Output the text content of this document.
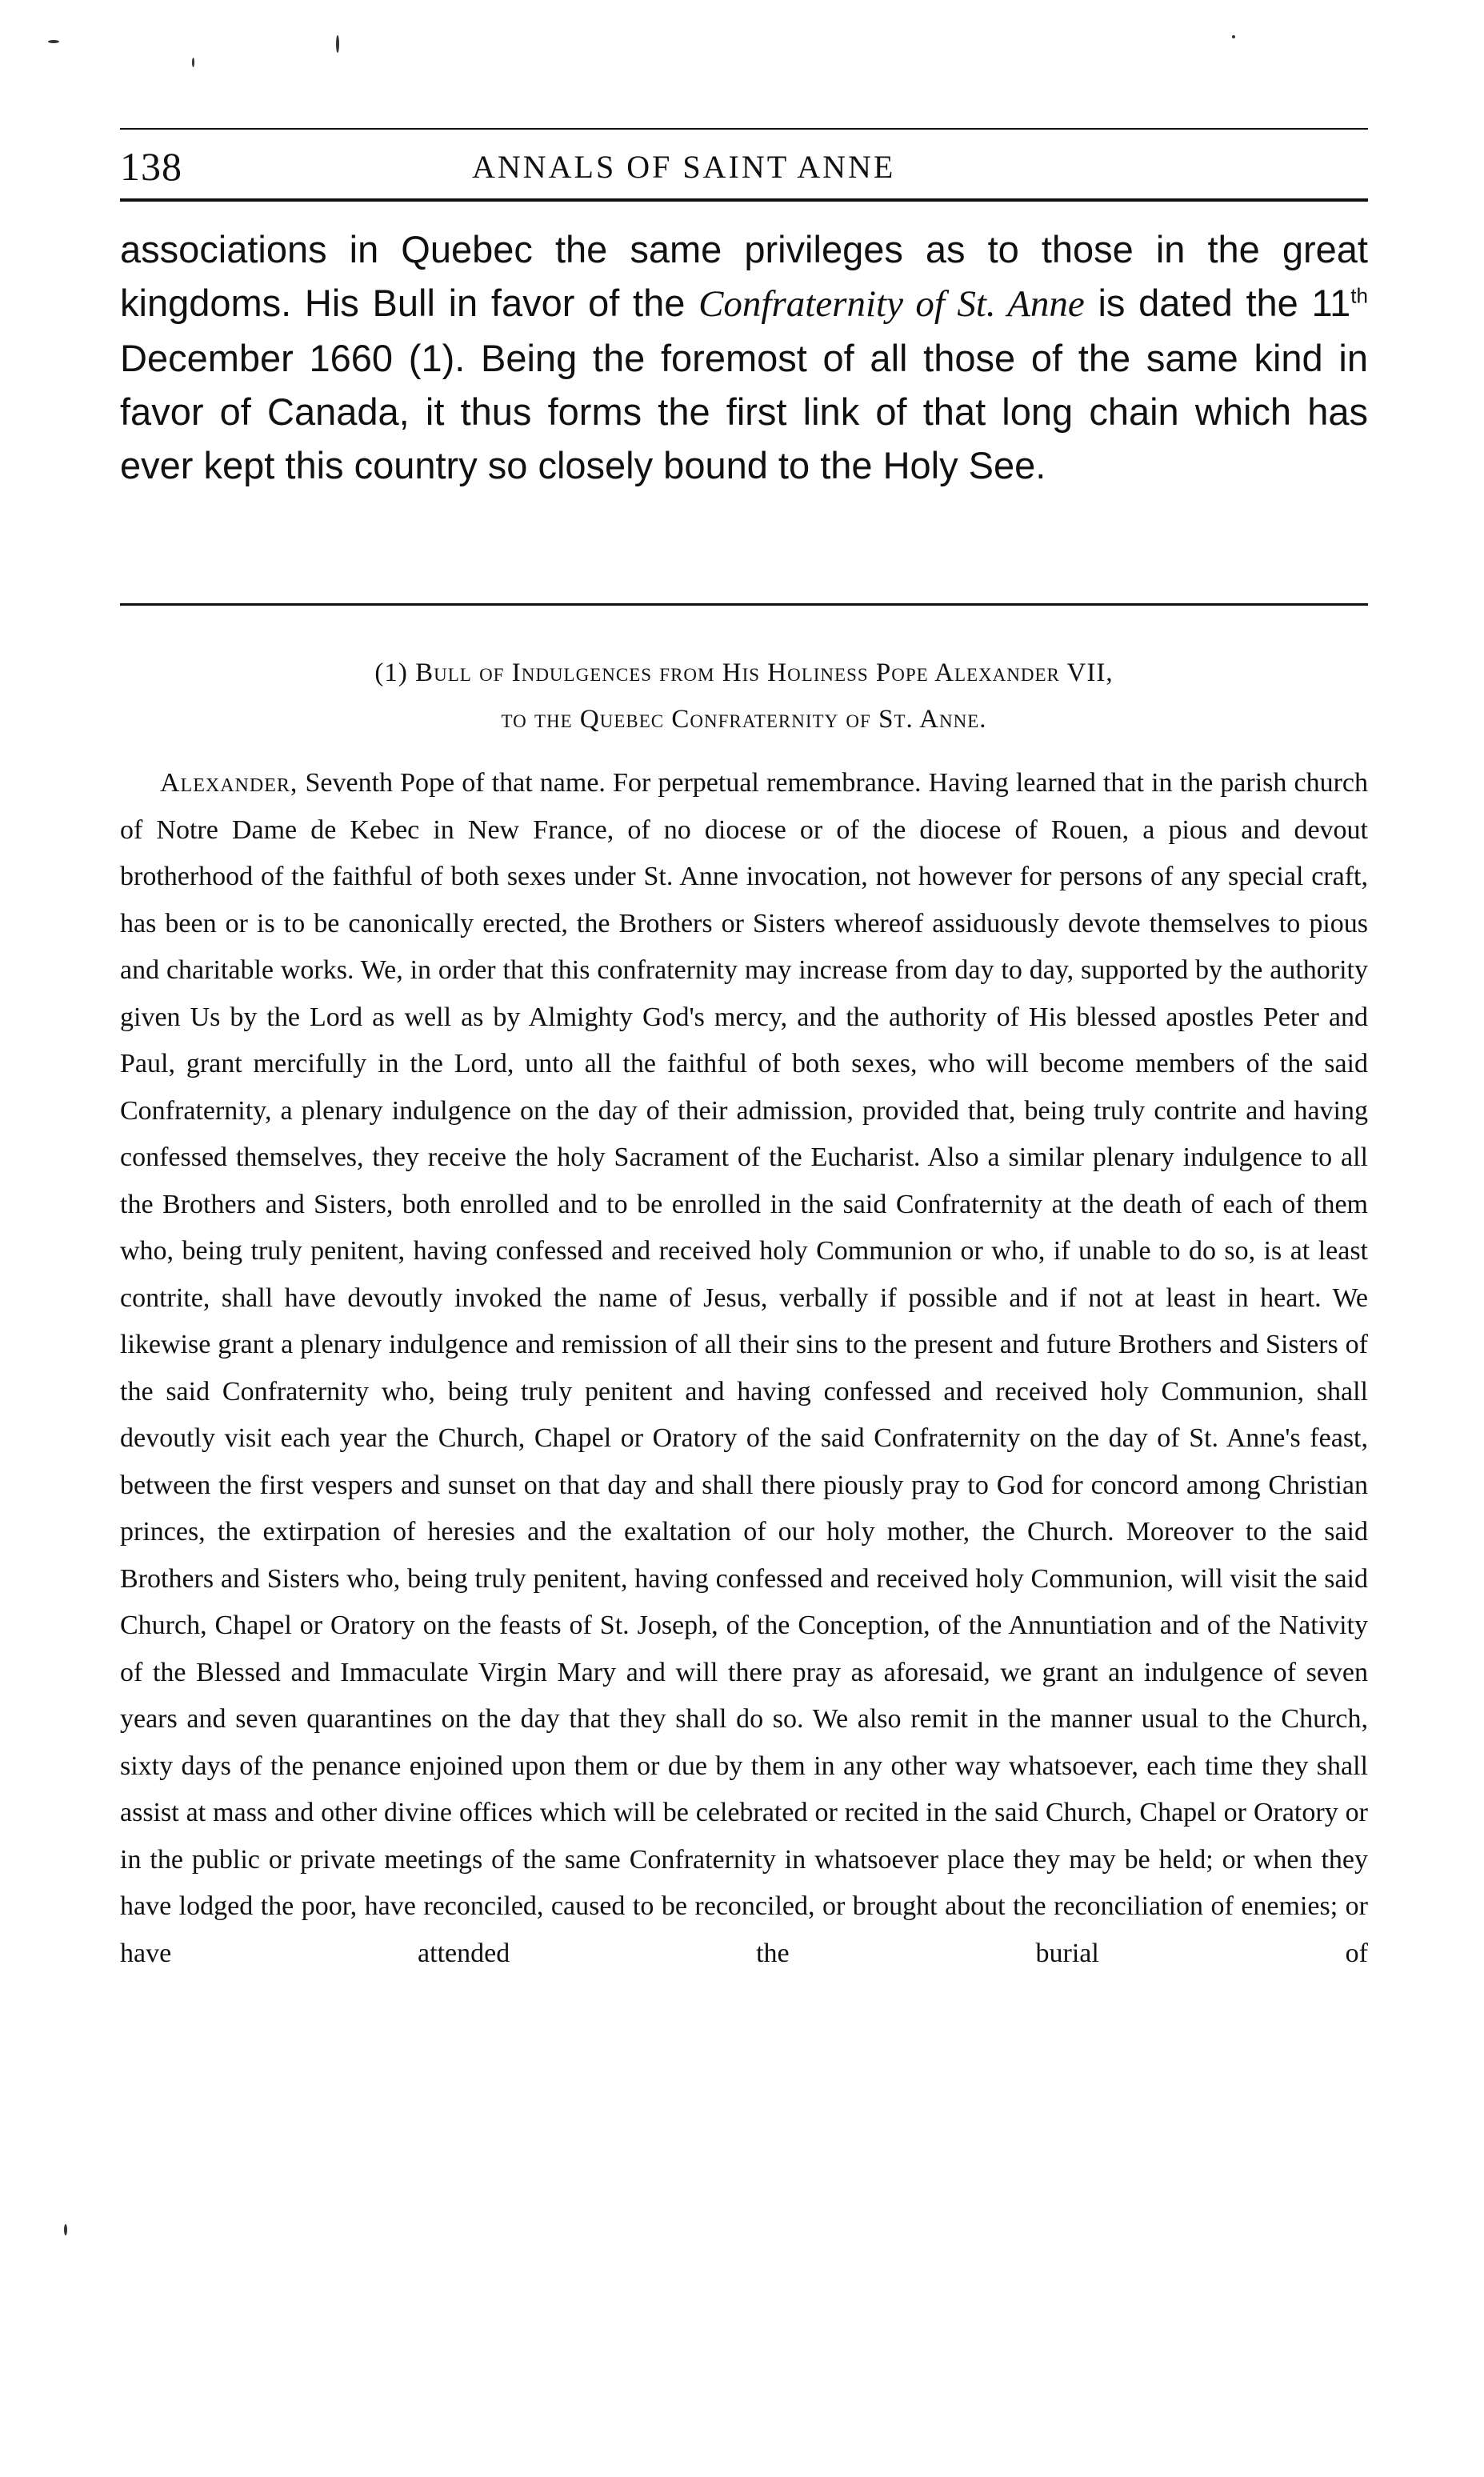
138	ANNALS OF SAINT ANNE

associations in Quebec the same privileges as to those in the great kingdoms. His Bull in favor of the Confraternity of St. Anne is dated the 11th December 1660 (1). Being the foremost of all those of the same kind in favor of Canada, it thus forms the first link of that long chain which has ever kept this country so closely bound to the Holy See.

(1) Bull of Indulgences from His Holiness Pope Alexander VII,
to the Quebec Confraternity of St. Anne.

Alexander, Seventh Pope of that name. For perpetual remembrance. Having learned that in the parish church of Notre Dame de Kebec in New France, of no diocese or of the diocese of Rouen, a pious and devout brotherhood of the faithful of both sexes under St. Anne invocation, not however for persons of any special craft, has been or is to be canonically erected, the Brothers or Sisters whereof assiduously devote themselves to pious and charitable works. We, in order that this confraternity may increase from day to day, supported by the authority given Us by the Lord as well as by Almighty God's mercy, and the authority of His blessed apostles Peter and Paul, grant mercifully in the Lord, unto all the faithful of both sexes, who will become members of the said Confraternity, a plenary indulgence on the day of their admission, provided that, being truly contrite and having confessed themselves, they receive the holy Sacrament of the Eucharist. Also a similar plenary indulgence to all the Brothers and Sisters, both enrolled and to be enrolled in the said Confraternity at the death of each of them who, being truly penitent, having confessed and received holy Communion or who, if unable to do so, is at least contrite, shall have devoutly invoked the name of Jesus, verbally if possible and if not at least in heart. We likewise grant a plenary indulgence and remission of all their sins to the present and future Brothers and Sisters of the said Confraternity who, being truly penitent and having confessed and received holy Communion, shall devoutly visit each year the Church, Chapel or Oratory of the said Confraternity on the day of St. Anne's feast, between the first vespers and sunset on that day and shall there piously pray to God for concord among Christian princes, the extirpation of heresies and the exaltation of our holy mother, the Church. Moreover to the said Brothers and Sisters who, being truly penitent, having confessed and received holy Communion, will visit the said Church, Chapel or Oratory on the feasts of St. Joseph, of the Conception, of the Annuntiation and of the Nativity of the Blessed and Immaculate Virgin Mary and will there pray as aforesaid, we grant an indulgence of seven years and seven quarantines on the day that they shall do so. We also remit in the manner usual to the Church, sixty days of the penance enjoined upon them or due by them in any other way whatsoever, each time they shall assist at mass and other divine offices which will be celebrated or recited in the said Church, Chapel or Oratory or in the public or private meetings of the same Confraternity in whatsoever place they may be held; or when they have lodged the poor, have reconciled, caused to be reconciled, or brought about the reconciliation of enemies; or have attended the burial of
